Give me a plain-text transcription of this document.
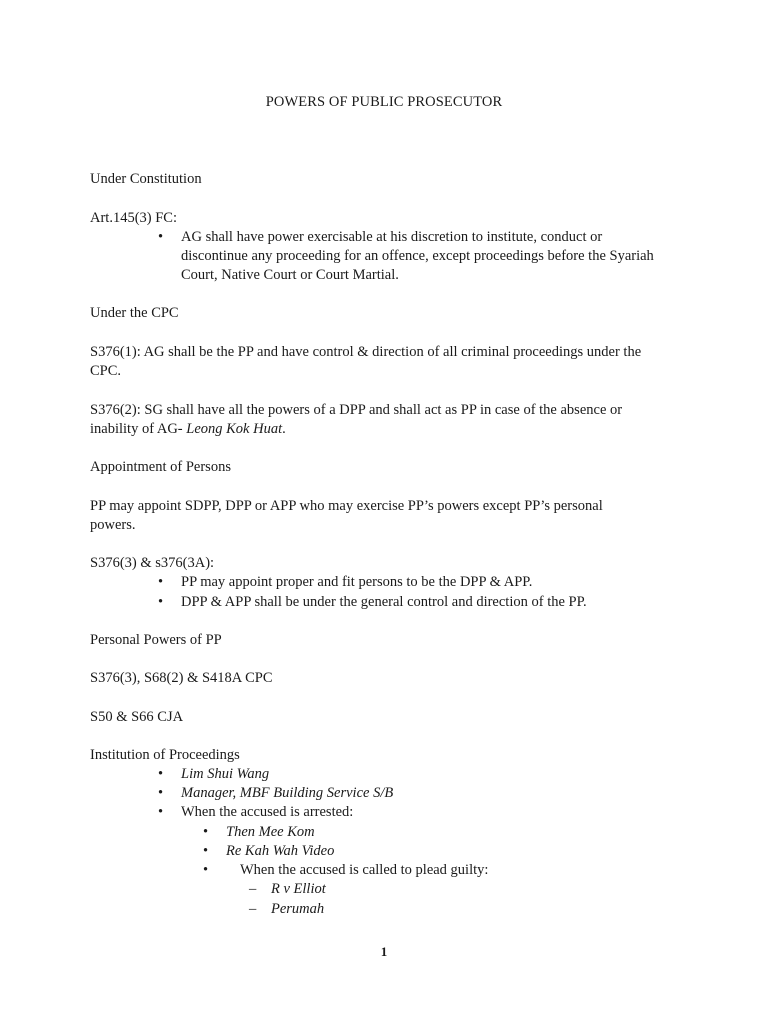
POWERS OF PUBLIC PROSECUTOR
Under Constitution
Art.145(3) FC:
•	AG shall have power exercisable at his discretion to institute, conduct or
discontinue any proceeding for an offence, except proceedings before the Syariah
Court, Native Court or Court Martial.
Under the CPC
S376(1): AG shall be the PP and have control & direction of all criminal proceedings under the
CPC.
S376(2): SG shall have all the powers of a DPP and shall act as PP in case of the absence or
inability of AG- Leong Kok Huat.
Appointment of Persons
PP may appoint SDPP, DPP or APP who may exercise PP’s powers except PP’s personal
powers.
S376(3) & s376(3A):
•	PP may appoint proper and fit persons to be the DPP & APP.
•	DPP & APP shall be under the general control and direction of the PP.
Personal Powers of PP
S376(3), S68(2) & S418A CPC
S50 & S66 CJA
Institution of Proceedings
•	Lim Shui Wang
•	Manager, MBF Building Service S/B
•	When the accused is arrested:
•	Then Mee Kom
•	Re Kah Wah Video
•	When the accused is called to plead guilty:
–	R v Elliot
–	Perumah
1
